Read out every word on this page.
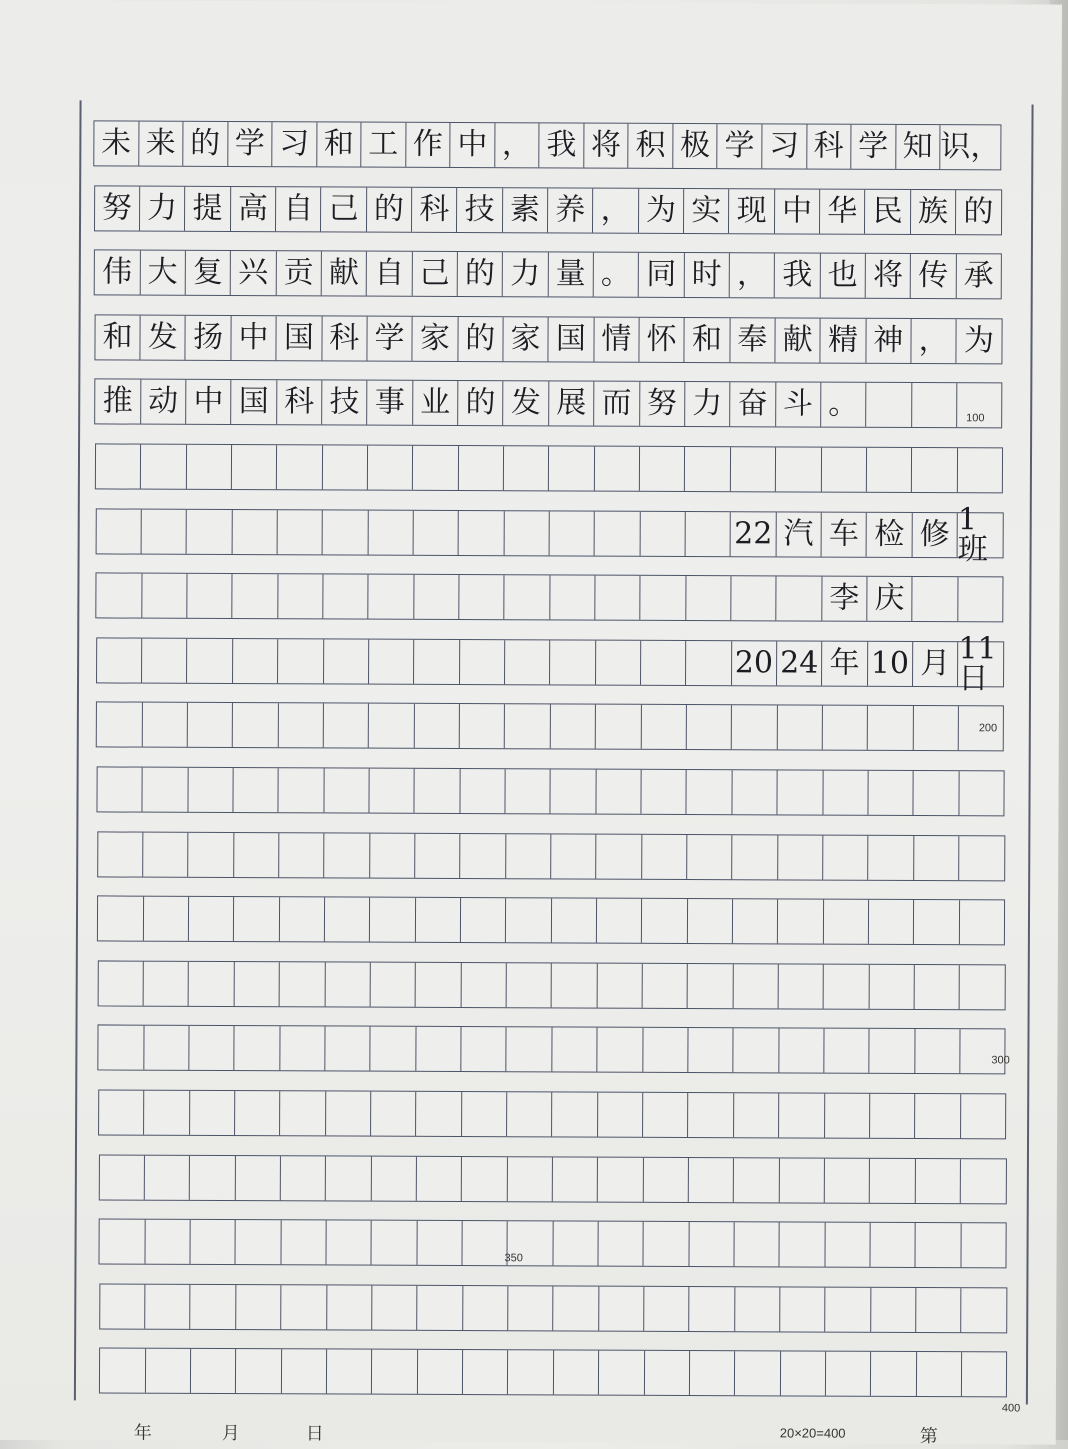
未 来 的 学 习 和 工 作 中 ， 我 将 积 极 学 习 科 学 知 识，
努 力 提 高 自 己 的 科 技 素 养 ， 为 实 现 中 华 民 族 的
伟 大 复 兴 贡 献 自 己 的 力 量 。 同 时 ， 我 也 将 传 承
和 发 扬 中 国 科 学 家 的 家 国 情 怀 和 奉 献 精 神 ， 为
推 动 中 国 科 技 事 业 的 发 展 而 努 力 奋 斗 。
22 汽 车 检 修 1班
李 庆
20 24 年 10 月 11日
100
200
300
350
400
年	月	日	20×20=400	第
